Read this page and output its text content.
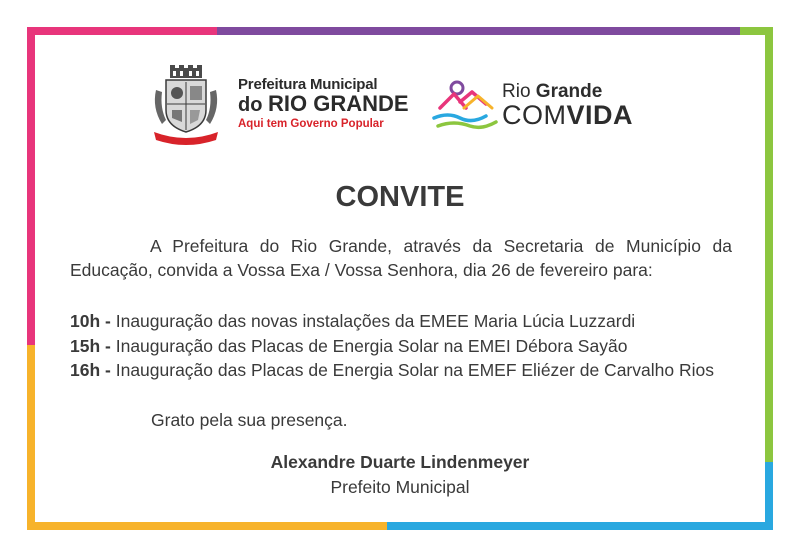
Prefeitura Municipal
do RIO GRANDE
Aqui tem Governo Popular
Rio Grande
COMVIDA
CONVITE
A Prefeitura do Rio Grande, através da Secretaria de Município da
Educação, convida a Vossa Exa / Vossa Senhora, dia 26 de fevereiro para:
10h - Inauguração das novas instalações da EMEE Maria Lúcia Luzzardi
15h - Inauguração das Placas de Energia Solar na EMEI Débora Sayão
16h - Inauguração das Placas de Energia Solar na EMEF Eliézer de Carvalho Rios
Grato pela sua presença.
Alexandre Duarte Lindenmeyer
Prefeito Municipal
